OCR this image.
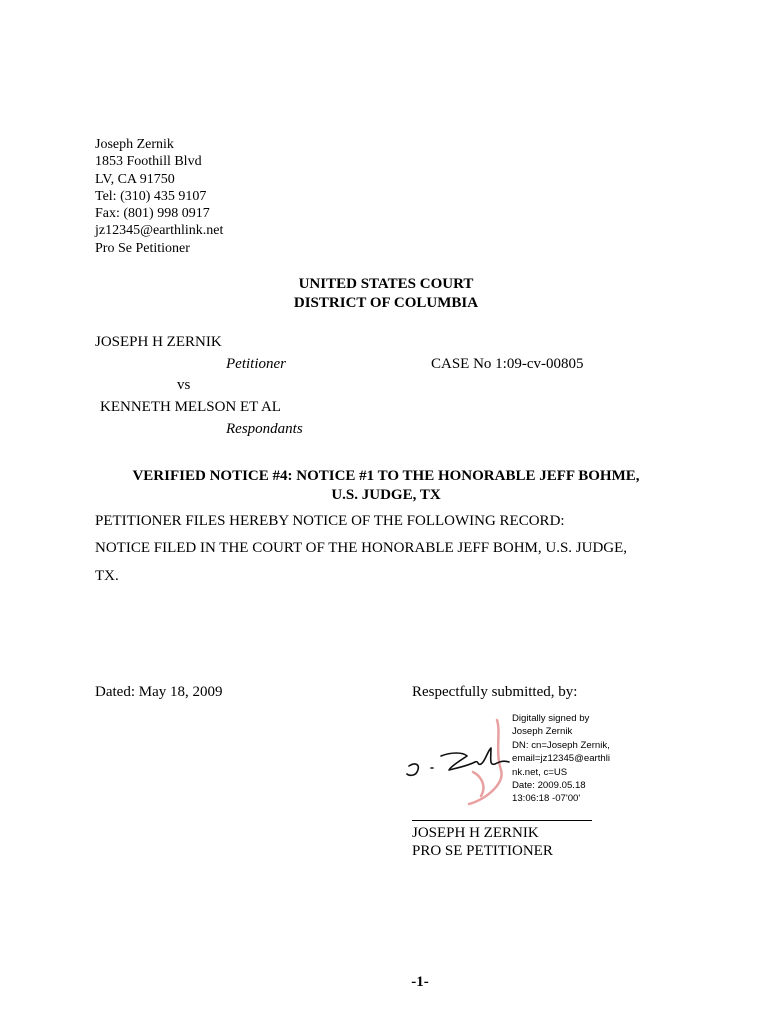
Joseph Zernik
1853 Foothill Blvd
LV, CA 91750
Tel: (310) 435 9107
Fax: (801) 998 0917
jz12345@earthlink.net
Pro Se Petitioner
UNITED STATES COURT
DISTRICT OF COLUMBIA
JOSEPH H ZERNIK
Petitioner	CASE No 1:09-cv-00805
vs
KENNETH MELSON ET AL
Respondants
VERIFIED NOTICE #4: NOTICE #1 TO THE HONORABLE JEFF BOHME,
U.S. JUDGE, TX
PETITIONER FILES HEREBY NOTICE OF THE FOLLOWING RECORD:
NOTICE FILED IN THE COURT OF THE HONORABLE JEFF BOHM, U.S. JUDGE,
TX.
Dated: May 18, 2009	Respectfully submitted, by:
Digitally signed by
Joseph Zernik
DN: cn=Joseph Zernik,
email=jz12345@earthli
nk.net, c=US
Date: 2009.05.18
13:06:18 -07'00'
JOSEPH H ZERNIK
PRO SE PETITIONER
-1-
